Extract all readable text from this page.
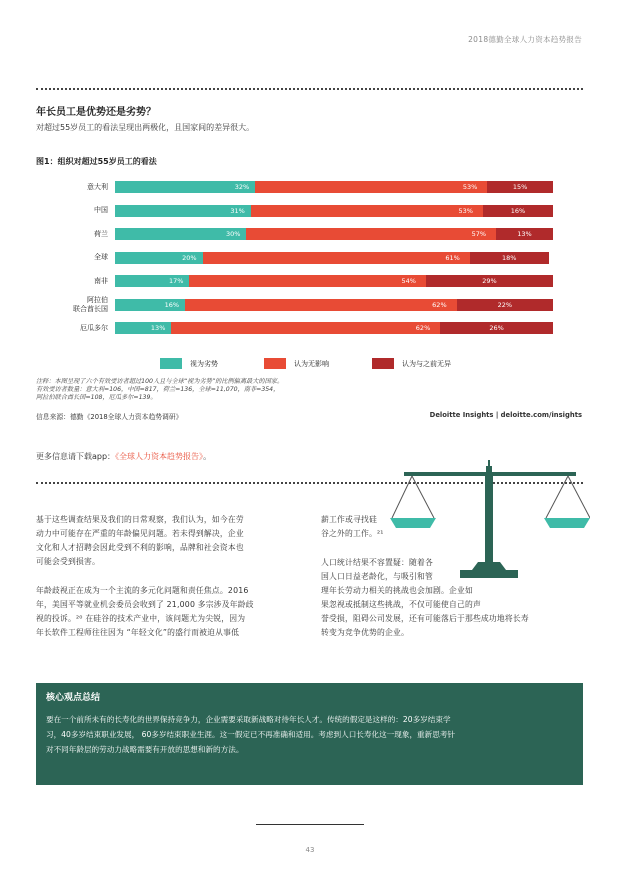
2018德勤全球人力资本趋势报告
年长员工是优势还是劣势？
对超过55岁员工的看法呈现出两极化，且国家间的差异很大。
图1：组织对超过55岁员工的看法
意大利	32%	53%	15%
中国	31%	53%	16%
荷兰	30%	57%	13%
全球	20%	61%	18%
南非	17%	54%	29%
阿拉伯
联合酋长国	16%	62%	22%
厄瓜多尔	13%	62%	26%
视为劣势	认为无影响	认为与之前无异
注释：本图呈现了六个有效受访者超过100人且与全球“视为劣势”的比例偏离最大的国家。
有效受访者数量：意大利=106，中国=817，荷兰=136，全球=11,070，南非=354，
阿拉伯联合酋长国=108，厄瓜多尔=139。
信息来源：德勤《2018全球人力资本趋势调研》	Deloitte Insights | deloitte.com/insights
更多信息请下载app：《全球人力资本趋势报告》。
基于这些调查结果及我们的日常观察，我们认为，如今在劳
动力中可能存在严重的年龄偏见问题。若未得到解决，企业
文化和人才招聘会因此受到不利的影响，品牌和社会资本也
可能会受到损害。
年龄歧视正在成为一个主流的多元化问题和责任焦点。2016
年，美国平等就业机会委员会收到了 21,000 多宗涉及年龄歧
视的投诉。²⁰ 在硅谷的技术产业中，该问题尤为尖锐，因为
年长软件工程师往往因为 “年轻文化”的盛行而被迫从事低
薪工作或寻找硅
谷之外的工作。²¹
人口统计结果不容置疑：随着各
国人口日益老龄化，与吸引和管
理年长劳动力相关的挑战也会加剧。企业如
果忽视或抵制这些挑战，不仅可能使自己的声
誉受损，阻碍公司发展，还有可能落后于那些成功地将长寿
转变为竞争优势的企业。
核心观点总结
要在一个前所未有的长寿化的世界保持竞争力，企业需要采取新战略对待年长人才。传统的假定是这样的：20多岁结束学
习，40多岁结束职业发展， 60多岁结束职业生涯。这一假定已不再准确和适用。考虑到人口长寿化这一现象，重新思考针
对不同年龄层的劳动力战略需要有开放的思想和新的方法。
43
